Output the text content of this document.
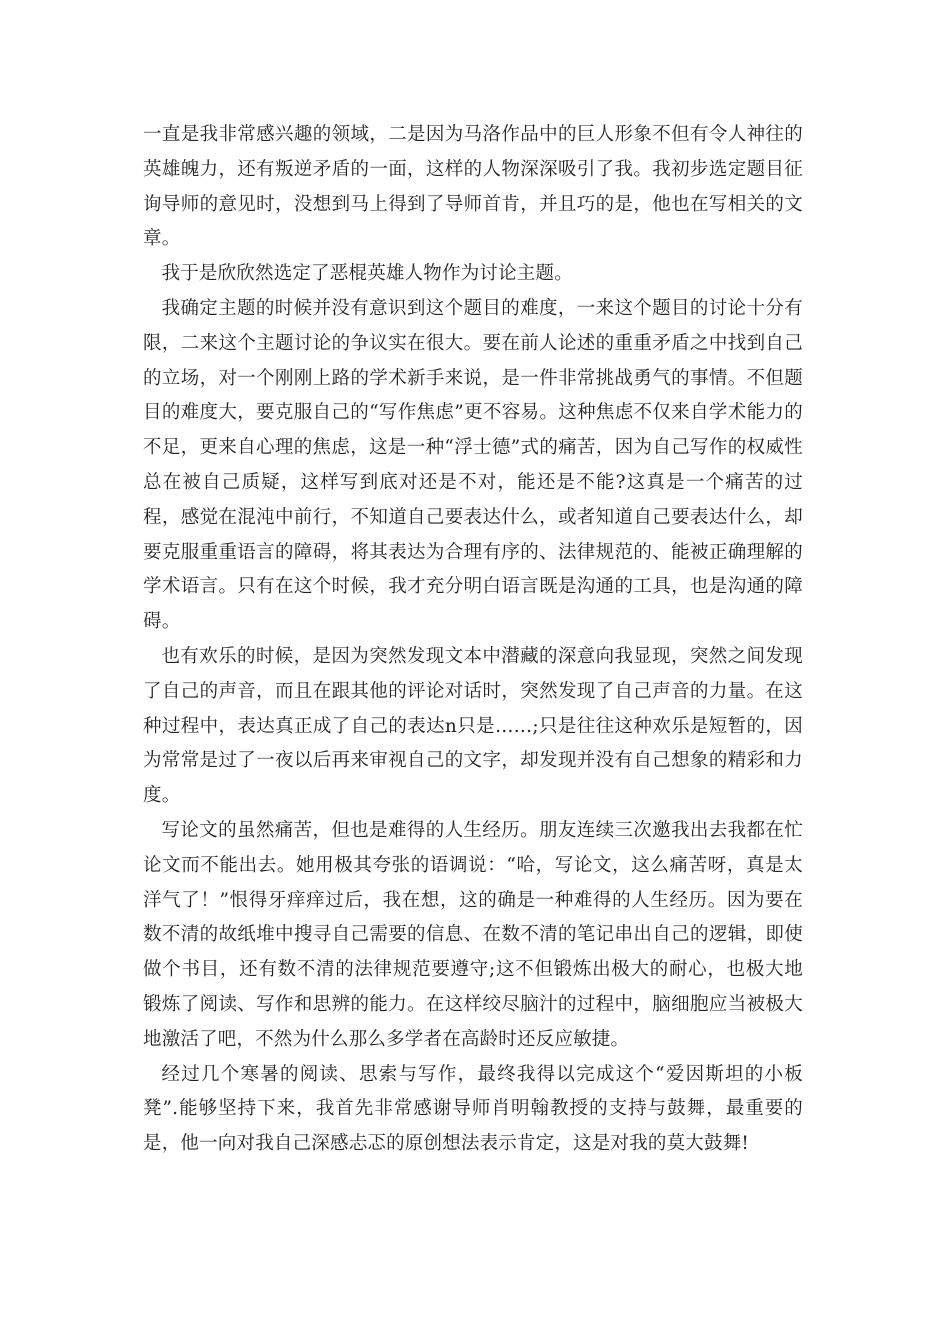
一直是我非常感兴趣的领域，二是因为马洛作品中的巨人形象不但有令人神往的英雄魄力，还有叛逆矛盾的一面，这样的人物深深吸引了我。我初步选定题目征询导师的意见时，没想到马上得到了导师首肯，并且巧的是，他也在写相关的文章。

我于是欣欣然选定了恶棍英雄人物作为讨论主题。

我确定主题的时候并没有意识到这个题目的难度，一来这个题目的讨论十分有限，二来这个主题讨论的争议实在很大。要在前人论述的重重矛盾之中找到自己的立场，对一个刚刚上路的学术新手来说，是一件非常挑战勇气的事情。不但题目的难度大，要克服自己的“写作焦虑”更不容易。这种焦虑不仅来自学术能力的不足，更来自心理的焦虑，这是一种“浮士德”式的痛苦，因为自己写作的权威性总在被自己质疑，这样写到底对还是不对，能还是不能?这真是一个痛苦的过程，感觉在混沌中前行，不知道自己要表达什么，或者知道自己要表达什么，却要克服重重语言的障碍，将其表达为合理有序的、法律规范的、能被正确理解的学术语言。只有在这个时候，我才充分明白语言既是沟通的工具，也是沟通的障碍。

也有欢乐的时候，是因为突然发现文本中潜藏的深意向我显现，突然之间发现了自己的声音，而且在跟其他的评论对话时，突然发现了自己声音的力量。在这种过程中，表达真正成了自己的表达n只是……;只是往往这种欢乐是短暂的，因为常常是过了一夜以后再来审视自己的文字，却发现并没有自己想象的精彩和力度。

写论文的虽然痛苦，但也是难得的人生经历。朋友连续三次邀我出去我都在忙论文而不能出去。她用极其夸张的语调说：“哈，写论文，这么痛苦呀，真是太洋气了！”恨得牙痒痒过后，我在想，这的确是一种难得的人生经历。因为要在数不清的故纸堆中搜寻自己需要的信息、在数不清的笔记串出自己的逻辑，即使做个书目，还有数不清的法律规范要遵守;这不但锻炼出极大的耐心，也极大地锻炼了阅读、写作和思辨的能力。在这样绞尽脑汁的过程中，脑细胞应当被极大地激活了吧，不然为什么那么多学者在高龄时还反应敏捷。

经过几个寒暑的阅读、思索与写作，最终我得以完成这个“爱因斯坦的小板凳”.能够坚持下来，我首先非常感谢导师肖明翰教授的支持与鼓舞，最重要的是，他一向对我自己深感忐忑的原创想法表示肯定，这是对我的莫大鼓舞!
